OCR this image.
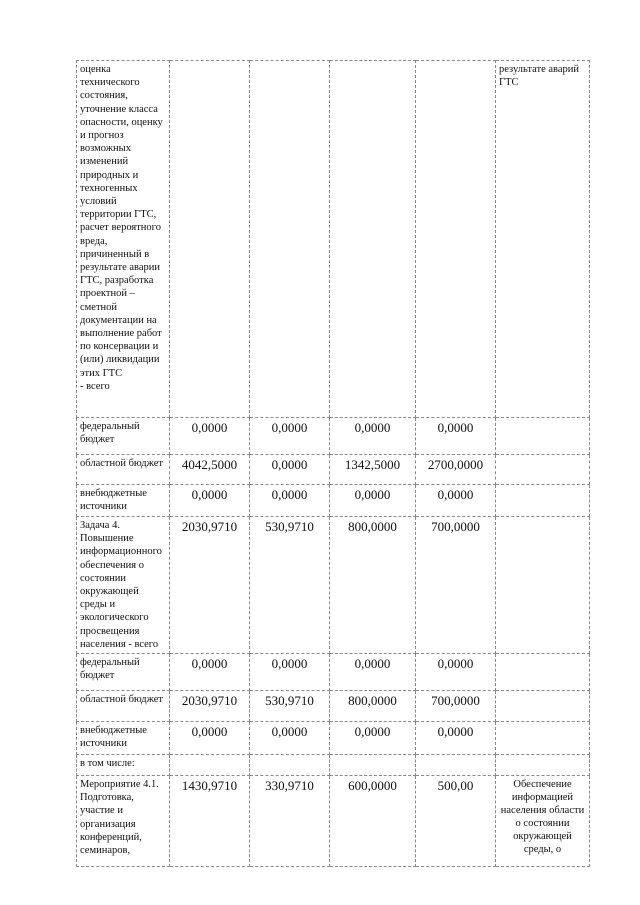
оценка технического состояния, уточнение класса опасности, оценку и прогноз возможных изменений природных и техногенных условий территории ГТС, расчет вероятного вреда, причиненный в результате аварии ГТС, разработка проектной – сметной документации на выполнение работ по консервации и (или) ликвидации этих ГТС
- всего					результате аварий ГТС
федеральный бюджет	0,0000	0,0000	0,0000	0,0000	
областной бюджет	4042,5000	0,0000	1342,5000	2700,0000	
внебюджетные источники	0,0000	0,0000	0,0000	0,0000	
Задача 4. Повышение информационного обеспечения о состоянии окружающей среды и экологического просвещения населения - всего	2030,9710	530,9710	800,0000	700,0000	
федеральный бюджет	0,0000	0,0000	0,0000	0,0000	
областной бюджет	2030,9710	530,9710	800,0000	700,0000	
внебюджетные источники	0,0000	0,0000	0,0000	0,0000	
в том числе:					
Мероприятие 4.1. Подготовка, участие и организация конференций, семинаров,	1430,9710	330,9710	600,0000	500,00	Обеспечение информацией населения области о состоянии окружающей среды, о
